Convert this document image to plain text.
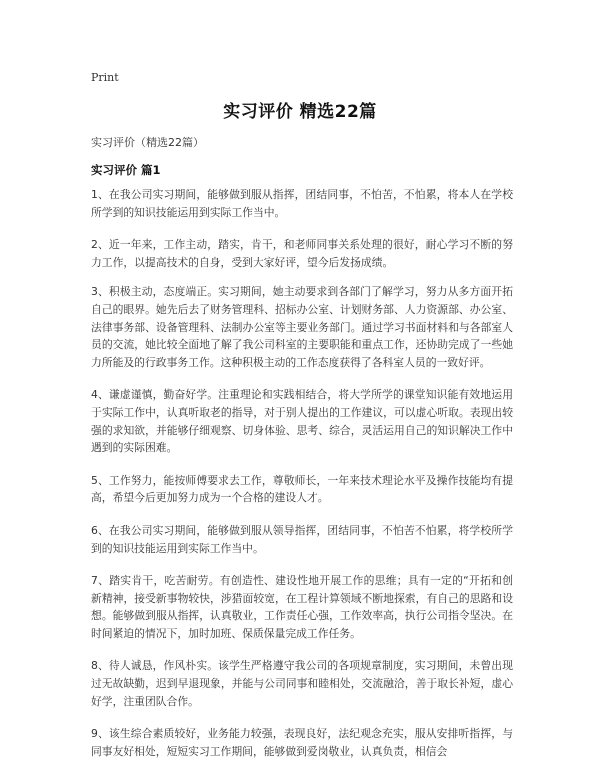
Print
实习评价 精选22篇

实习评价（精选22篇）

实习评价 篇1

1、在我公司实习期间，能够做到服从指挥，团结同事，不怕苦，不怕累，将本人在学校所学到的知识技能运用到实际工作当中。

2、近一年来，工作主动，踏实，肯干，和老师同事关系处理的很好，耐心学习不断的努力工作，以提高技术的自身，受到大家好评，望今后发扬成绩。

3、积极主动，态度端正。实习期间，她主动要求到各部门了解学习，努力从多方面开拓自己的眼界。她先后去了财务管理科、招标办公室、计划财务部、人力资源部、办公室、法律事务部、设备管理科、法制办公室等主要业务部门。通过学习书面材料和与各部室人员的交流，她比较全面地了解了我公司科室的主要职能和重点工作，还协助完成了一些她力所能及的行政事务工作。这种积极主动的工作态度获得了各科室人员的一致好评。

4、谦虚谨慎，勤奋好学。注重理论和实践相结合，将大学所学的课堂知识能有效地运用于实际工作中，认真听取老的指导，对于别人提出的工作建议，可以虚心听取。表现出较强的求知欲，并能够仔细观察、切身体验、思考、综合，灵活运用自己的知识解决工作中遇到的实际困难。

5、工作努力，能按师傅要求去工作，尊敬师长，一年来技术理论水平及操作技能均有提高，希望今后更加努力成为一个合格的建设人才。

6、在我公司实习期间，能够做到服从领导指挥，团结同事，不怕苦不怕累，将学校所学到的知识技能运用到实际工作当中。

7、踏实肯干，吃苦耐劳。有创造性、建设性地开展工作的思维；具有一定的“开拓和创新精神，接受新事物较快，涉猎面较宽，在工程计算领域不断地探索，有自己的思路和设想。能够做到服从指挥，认真敬业，工作责任心强，工作效率高，执行公司指令坚决。在时间紧迫的情况下，加时加班、保质保量完成工作任务。

8、待人诚恳，作风朴实。该学生严格遵守我公司的各项规章制度，实习期间，未曾出现过无故缺勤，迟到早退现象，并能与公司同事和睦相处，交流融洽，善于取长补短，虚心好学，注重团队合作。

9、该生综合素质较好，业务能力较强，表现良好，法纪观念充实，服从安排听指挥，与同事友好相处，短短实习工作期间，能够做到爱岗敬业，认真负责，相信会
